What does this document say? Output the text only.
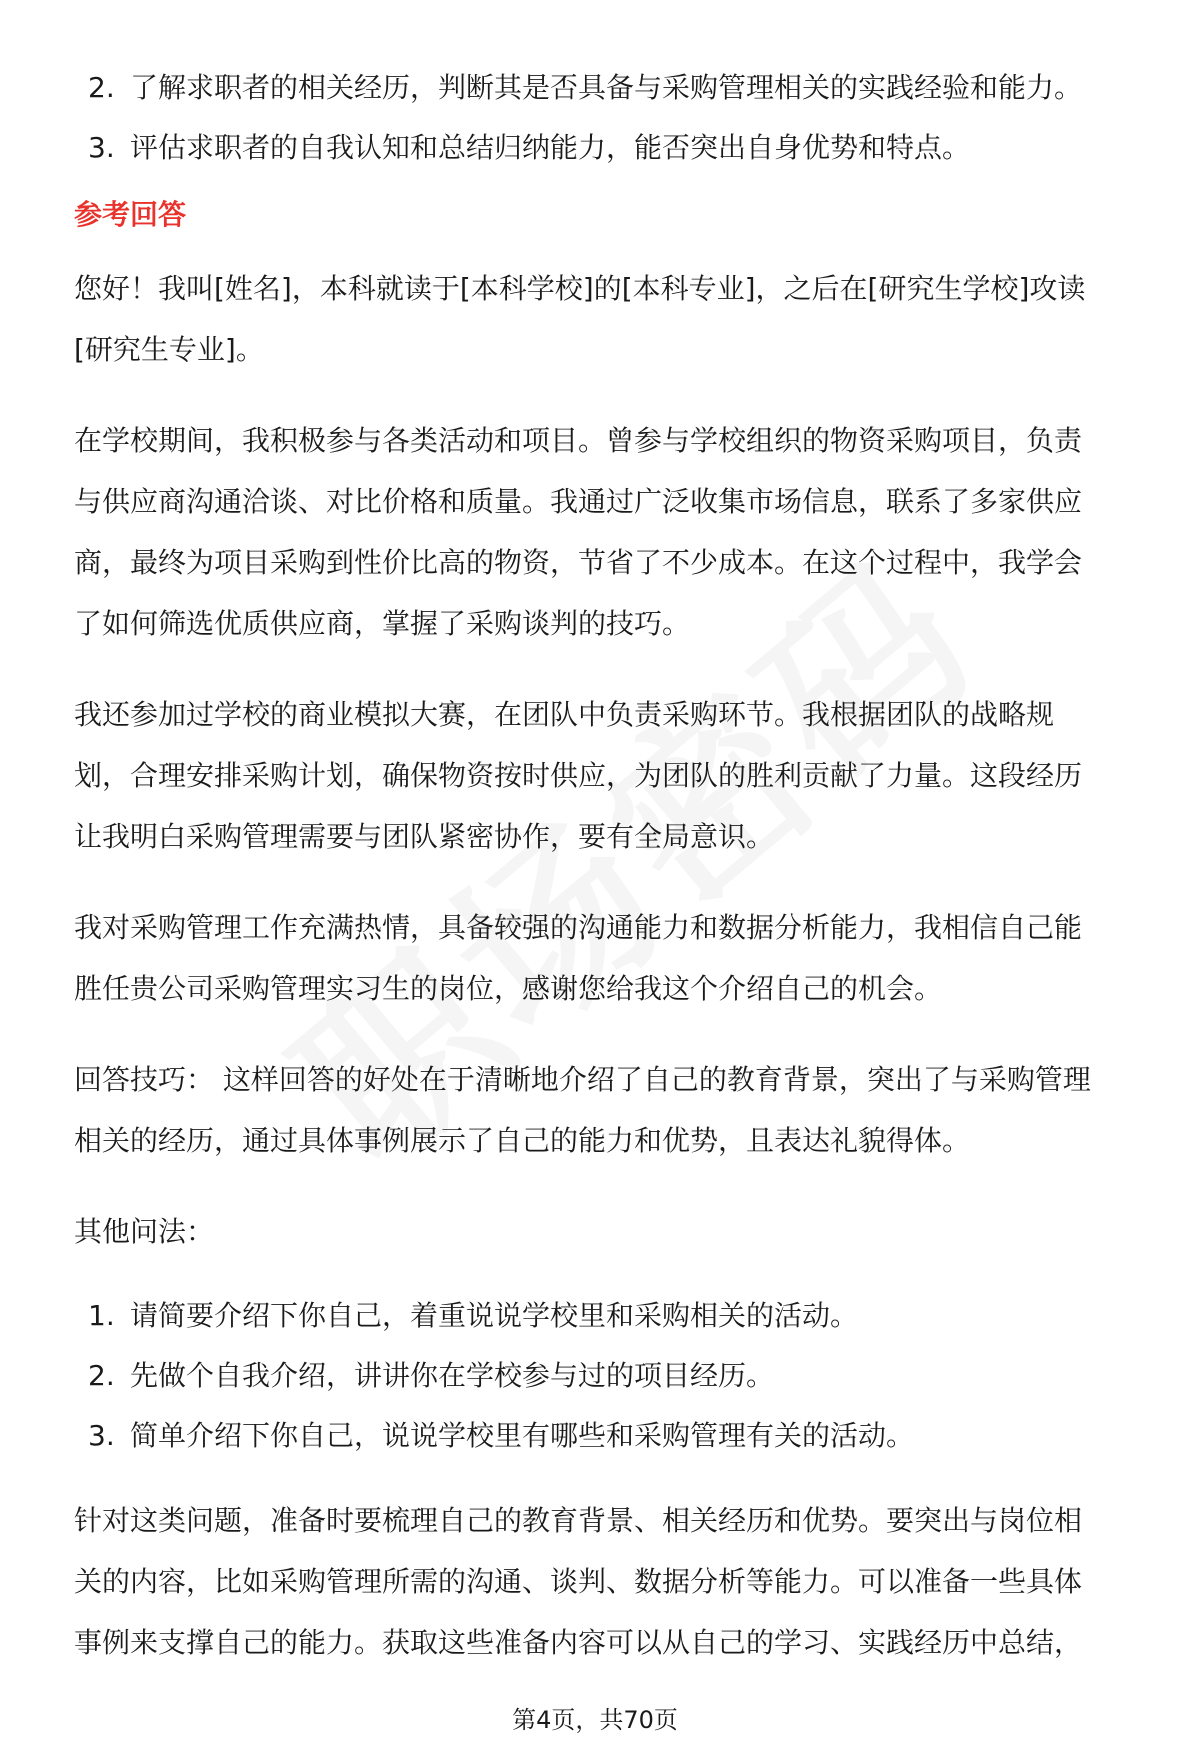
2. 了解求职者的相关经历，判断其是否具备与采购管理相关的实践经验和能力。
3. 评估求职者的自我认知和总结归纳能力，能否突出自身优势和特点。
参考回答

您好！我叫[姓名]，本科就读于[本科学校]的[本科专业]，之后在[研究生学校]攻读
[研究生专业]。

在学校期间，我积极参与各类活动和项目。曾参与学校组织的物资采购项目，负责
与供应商沟通洽谈、对比价格和质量。我通过广泛收集市场信息，联系了多家供应
商，最终为项目采购到性价比高的物资，节省了不少成本。在这个过程中，我学会
了如何筛选优质供应商，掌握了采购谈判的技巧。

我还参加过学校的商业模拟大赛，在团队中负责采购环节。我根据团队的战略规
划，合理安排采购计划，确保物资按时供应，为团队的胜利贡献了力量。这段经历
让我明白采购管理需要与团队紧密协作，要有全局意识。

我对采购管理工作充满热情，具备较强的沟通能力和数据分析能力，我相信自己能
胜任贵公司采购管理实习生的岗位，感谢您给我这个介绍自己的机会。

回答技巧： 这样回答的好处在于清晰地介绍了自己的教育背景，突出了与采购管理
相关的经历，通过具体事例展示了自己的能力和优势，且表达礼貌得体。

其他问法：

1. 请简要介绍下你自己，着重说说学校里和采购相关的活动。
2. 先做个自我介绍，讲讲你在学校参与过的项目经历。
3. 简单介绍下你自己，说说学校里有哪些和采购管理有关的活动。

针对这类问题，准备时要梳理自己的教育背景、相关经历和优势。要突出与岗位相
关的内容，比如采购管理所需的沟通、谈判、数据分析等能力。可以准备一些具体
事例来支撑自己的能力。获取这些准备内容可以从自己的学习、实践经历中总结，

第4页，共70页
